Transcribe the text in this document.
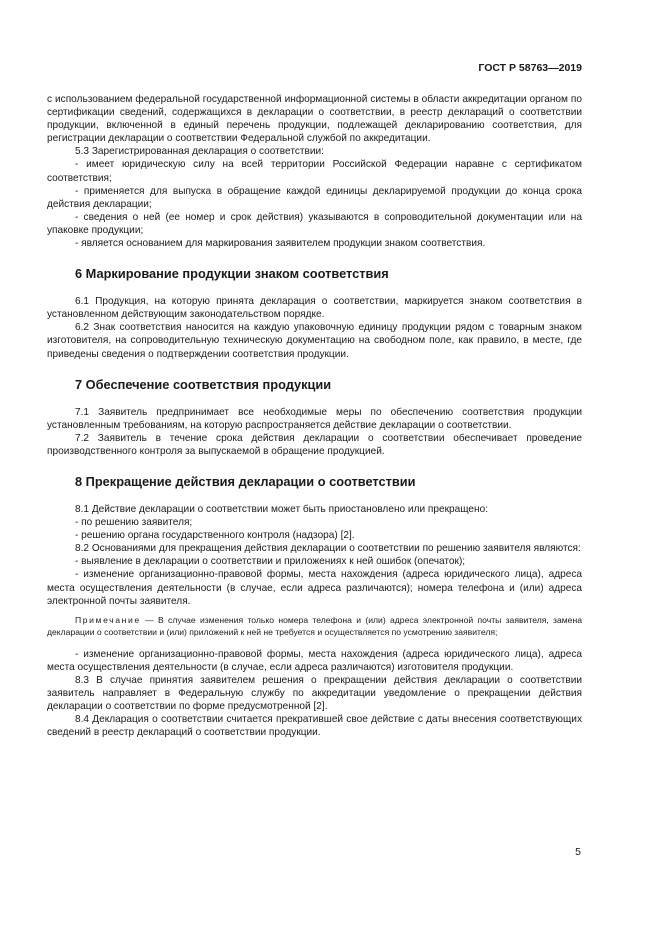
ГОСТ Р 58763—2019

с использованием федеральной государственной информационной системы в области аккредитации органом по сертификации сведений, содержащихся в декларации о соответствии, в реестр деклараций о соответствии продукции, включенной в единый перечень продукции, подлежащей декларированию соответствия, для регистрации декларации о соответствии Федеральной службой по аккредитации.

5.3 Зарегистрированная декларация о соответствии:

- имеет юридическую силу на всей территории Российской Федерации наравне с сертификатом соответствия;

- применяется для выпуска в обращение каждой единицы декларируемой продукции до конца срока действия декларации;

- сведения о ней (ее номер и срок действия) указываются в сопроводительной документации или на упаковке продукции;

- является основанием для маркирования заявителем продукции знаком соответствия.

6 Маркирование продукции знаком соответствия

6.1 Продукция, на которую принята декларация о соответствии, маркируется знаком соответствия в установленном действующим законодательством порядке.

6.2 Знак соответствия наносится на каждую упаковочную единицу продукции рядом с товарным знаком изготовителя, на сопроводительную техническую документацию на свободном поле, как правило, в месте, где приведены сведения о подтверждении соответствия продукции.

7 Обеспечение соответствия продукции

7.1 Заявитель предпринимает все необходимые меры по обеспечению соответствия продукции установленным требованиям, на которую распространяется действие декларации о соответствии.

7.2 Заявитель в течение срока действия декларации о соответствии обеспечивает проведение производственного контроля за выпускаемой в обращение продукцией.

8 Прекращение действия декларации о соответствии

8.1 Действие декларации о соответствии может быть приостановлено или прекращено:

- по решению заявителя;

- решению органа государственного контроля (надзора) [2].

8.2 Основаниями для прекращения действия декларации о соответствии по решению заявителя являются:

- выявление в декларации о соответствии и приложениях к ней ошибок (опечаток);

- изменение организационно-правовой формы, места нахождения (адреса юридического лица), адреса места осуществления деятельности (в случае, если адреса различаются); номера телефона и (или) адреса электронной почты заявителя.

Примечание — В случае изменения только номера телефона и (или) адреса электронной почты заявителя, замена декларации о соответствии и (или) приложений к ней не требуется и осуществляется по усмотрению заявителя;

- изменение организационно-правовой формы, места нахождения (адреса юридического лица), адреса места осуществления деятельности (в случае, если адреса различаются) изготовителя продукции.

8.3 В случае принятия заявителем решения о прекращении действия декларации о соответствии заявитель направляет в Федеральную службу по аккредитации уведомление о прекращении действия декларации о соответствии по форме предусмотренной [2].

8.4 Декларация о соответствии считается прекратившей свое действие с даты внесения соответствующих сведений в реестр деклараций о соответствии продукции.

5
